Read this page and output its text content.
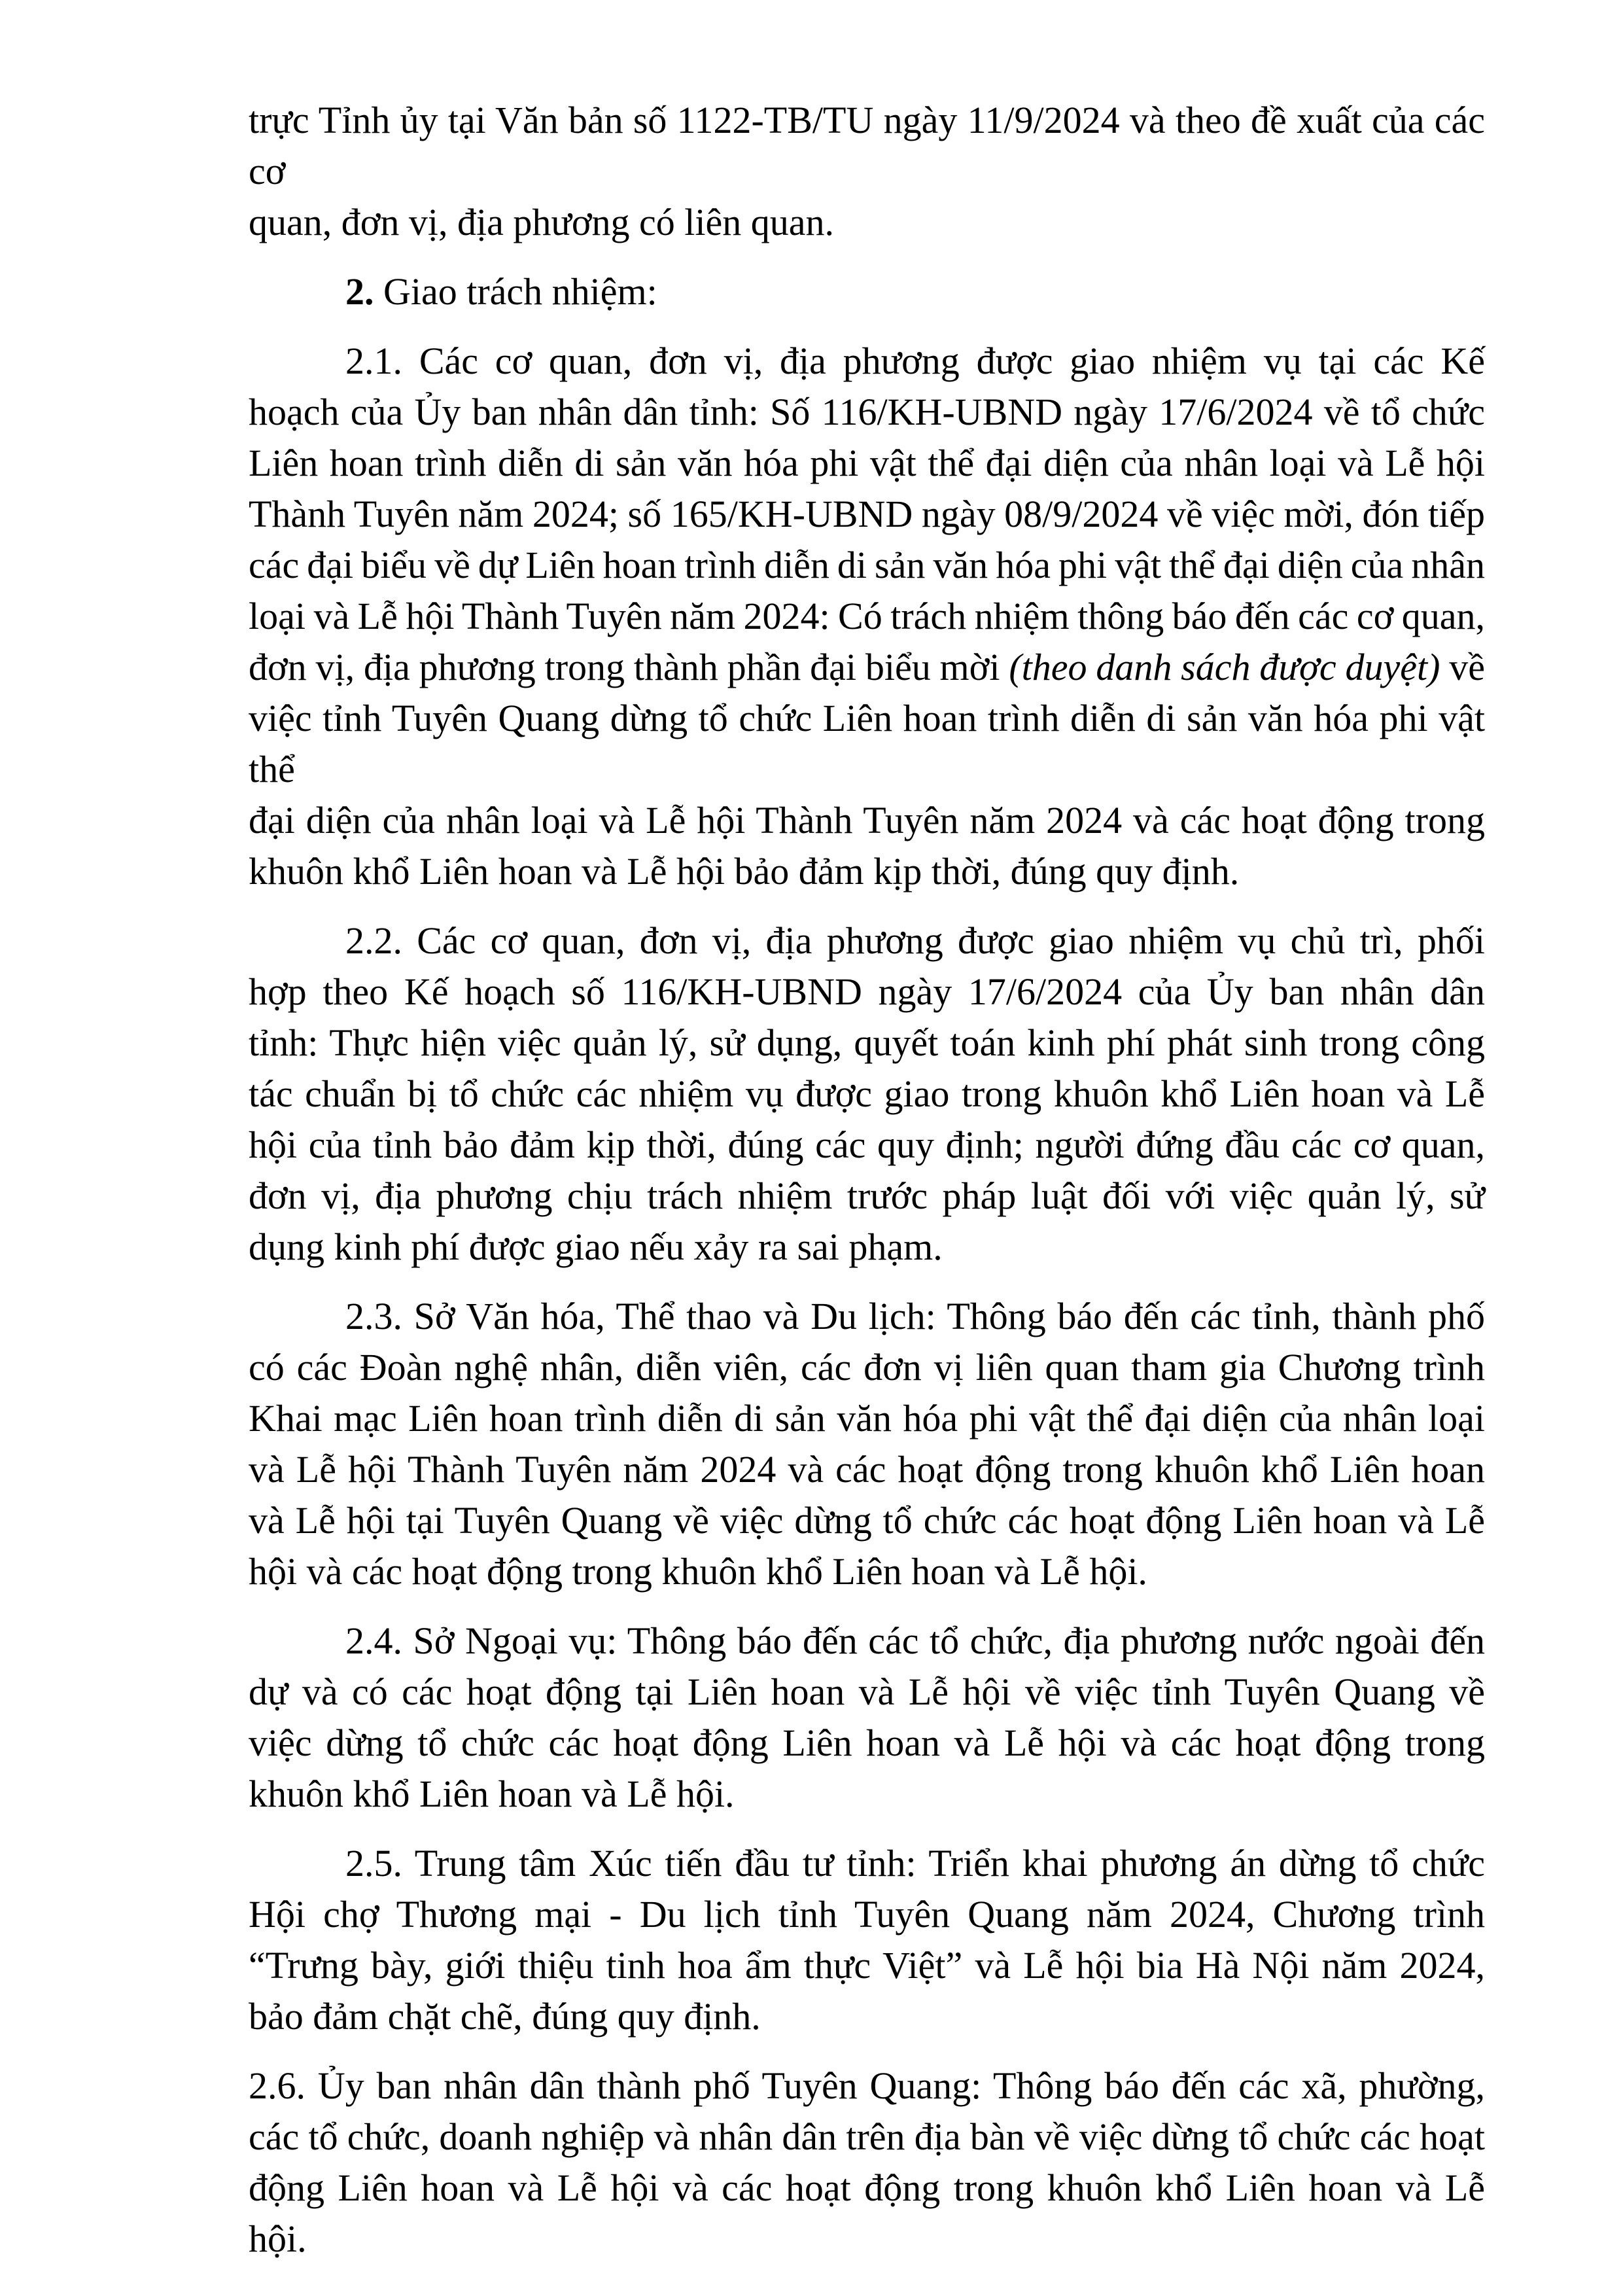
trực Tỉnh ủy tại Văn bản số 1122-TB/TU ngày 11/9/2024 và theo đề xuất của các cơ
quan, đơn vị, địa phương có liên quan.
2. Giao trách nhiệm:
2.1. Các cơ quan, đơn vị, địa phương được giao nhiệm vụ tại các Kế
hoạch của Ủy ban nhân dân tỉnh: Số 116/KH-UBND ngày 17/6/2024 về tổ chức
Liên hoan trình diễn di sản văn hóa phi vật thể đại diện của nhân loại và Lễ hội
Thành Tuyên năm 2024; số 165/KH-UBND ngày 08/9/2024 về việc mời, đón tiếp
các đại biểu về dự Liên hoan trình diễn di sản văn hóa phi vật thể đại diện của nhân
loại và Lễ hội Thành Tuyên năm 2024: Có trách nhiệm thông báo đến các cơ quan,
đơn vị, địa phương trong thành phần đại biểu mời (theo danh sách được duyệt) về
việc tỉnh Tuyên Quang dừng tổ chức Liên hoan trình diễn di sản văn hóa phi vật thể
đại diện của nhân loại và Lễ hội Thành Tuyên năm 2024 và các hoạt động trong
khuôn khổ Liên hoan và Lễ hội bảo đảm kịp thời, đúng quy định.
2.2. Các cơ quan, đơn vị, địa phương được giao nhiệm vụ chủ trì, phối
hợp theo Kế hoạch số 116/KH-UBND ngày 17/6/2024 của Ủy ban nhân dân
tỉnh: Thực hiện việc quản lý, sử dụng, quyết toán kinh phí phát sinh trong công
tác chuẩn bị tổ chức các nhiệm vụ được giao trong khuôn khổ Liên hoan và Lễ
hội của tỉnh bảo đảm kịp thời, đúng các quy định; người đứng đầu các cơ quan,
đơn vị, địa phương chịu trách nhiệm trước pháp luật đối với việc quản lý, sử
dụng kinh phí được giao nếu xảy ra sai phạm.
2.3. Sở Văn hóa, Thể thao và Du lịch: Thông báo đến các tỉnh, thành phố
có các Đoàn nghệ nhân, diễn viên, các đơn vị liên quan tham gia Chương trình
Khai mạc Liên hoan trình diễn di sản văn hóa phi vật thể đại diện của nhân loại
và Lễ hội Thành Tuyên năm 2024 và các hoạt động trong khuôn khổ Liên hoan
và Lễ hội tại Tuyên Quang về việc dừng tổ chức các hoạt động Liên hoan và Lễ
hội và các hoạt động trong khuôn khổ Liên hoan và Lễ hội.
2.4. Sở Ngoại vụ: Thông báo đến các tổ chức, địa phương nước ngoài đến
dự và có các hoạt động tại Liên hoan và Lễ hội về việc tỉnh Tuyên Quang về
việc dừng tổ chức các hoạt động Liên hoan và Lễ hội và các hoạt động trong
khuôn khổ Liên hoan và Lễ hội.
2.5. Trung tâm Xúc tiến đầu tư tỉnh: Triển khai phương án dừng tổ chức
Hội chợ Thương mại - Du lịch tỉnh Tuyên Quang năm 2024, Chương trình
“Trưng bày, giới thiệu tinh hoa ẩm thực Việt” và Lễ hội bia Hà Nội năm 2024,
bảo đảm chặt chẽ, đúng quy định.
2.6. Ủy ban nhân dân thành phố Tuyên Quang: Thông báo đến các xã, phường,
các tổ chức, doanh nghiệp và nhân dân trên địa bàn về việc dừng tổ chức các hoạt
động Liên hoan và Lễ hội và các hoạt động trong khuôn khổ Liên hoan và Lễ hội.
